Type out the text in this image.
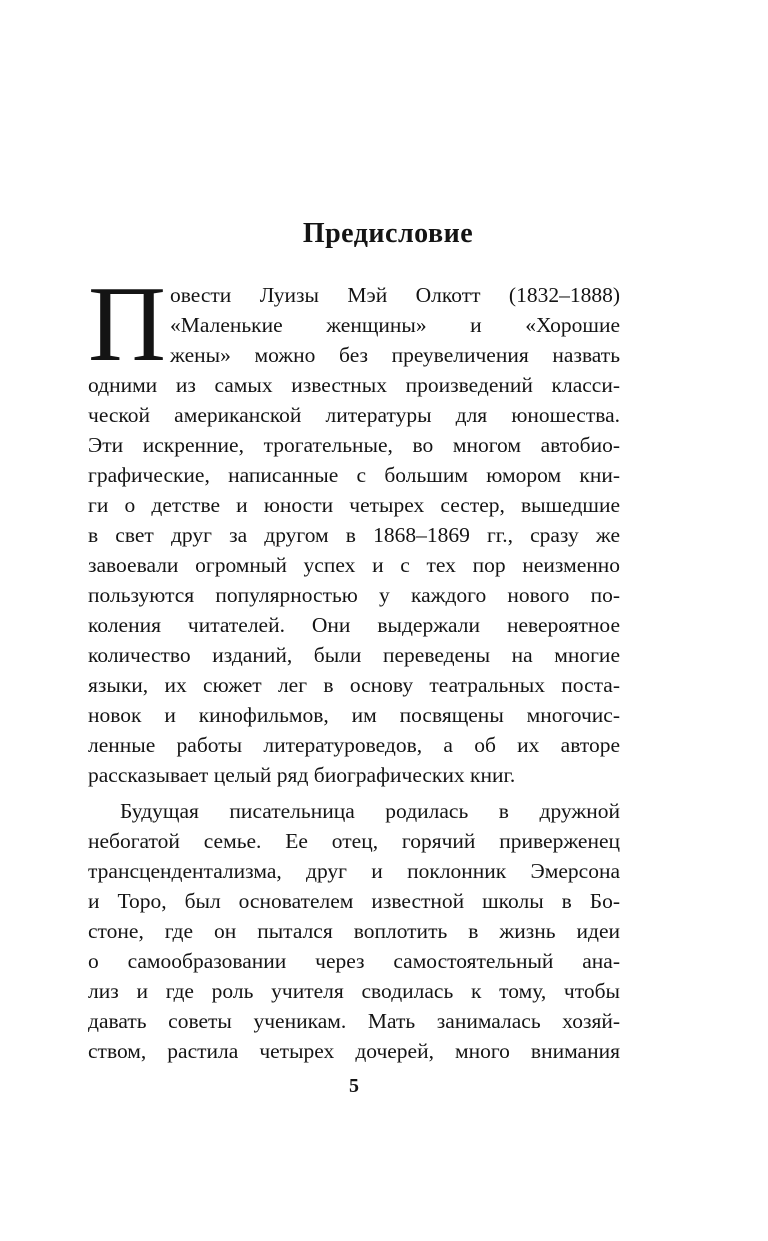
Предисловие
П овести Луизы Мэй Олкотт (1832–1888)
«Маленькие женщины» и «Хорошие
жены» можно без преувеличения назвать
одними из самых известных произведений класси-
ческой американской литературы для юношества.
Эти искренние, трогательные, во многом автобио-
графические, написанные с большим юмором кни-
ги о детстве и юности четырех сестер, вышедшие
в свет друг за другом в 1868–1869 гг., сразу же
завоевали огромный успех и с тех пор неизменно
пользуются популярностью у каждого нового по-
коления читателей. Они выдержали невероятное
количество изданий, были переведены на многие
языки, их сюжет лег в основу театральных поста-
новок и кинофильмов, им посвящены многочис-
ленные работы литературоведов, а об их авторе
рассказывает целый ряд биографических книг.
Будущая писательница родилась в дружной
небогатой семье. Ее отец, горячий приверженец
трансцендентализма, друг и поклонник Эмерсона
и Торо, был основателем известной школы в Бо-
стоне, где он пытался воплотить в жизнь идеи
о самообразовании через самостоятельный ана-
лиз и где роль учителя сводилась к тому, чтобы
давать советы ученикам. Мать занималась хозяй-
ством, растила четырех дочерей, много внимания
5
